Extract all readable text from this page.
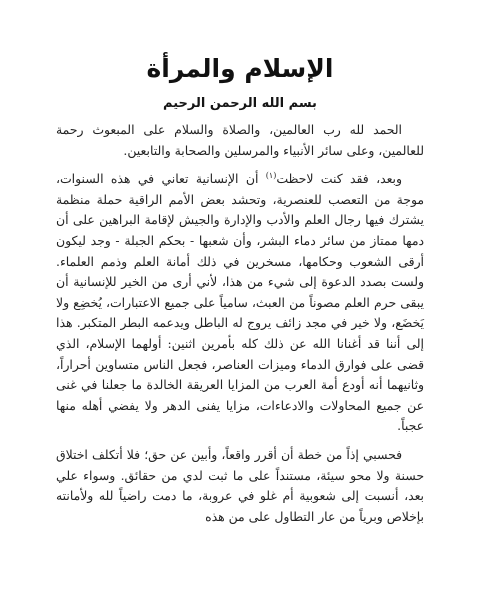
الإسلام والمرأة
بسم الله الرحمن الرحيم

الحمد لله رب العالمين، والصلاة والسلام على المبعوث رحمة للعالمين، وعلى سائر الأنبياء والمرسلين والصحابة والتابعين.

وبعد، فقد كنت لاحظت$^{(١)}$ أن الإنسانية تعاني في هذه السنوات، موجة من التعصب للعنصرية، وتحشد بعض الأمم الراقية حملة منظمة يشترك فيها رجال العلم والأدب والإدارة والجيش لإقامة البراهين على أن دمها ممتاز من سائر دماء البشر، وأن شعبها - بحكم الجبلة - وجد ليكون أرقى الشعوب وحكامها، مسخرين في ذلك أمانة العلم وذمم العلماء. ولست بصدد الدعوة إلى شيء من هذا، لأني أرى من الخير للإنسانية أن يبقى حرم العلم مصوناً من العبث، سامياً على جميع الاعتبارات، يُخضِع ولا يَخضَع، ولا خير في مجد زائف يروج له الباطل ويدعمه البطر المتكبر. هذا إلى أننا قد أغنانا الله عن ذلك كله بأمرين اثنين: أولهما الإسلام، الذي قضى على فوارق الدماء وميزات العناصر، فجعل الناس متساوين أحراراً، وثانيهما أنه أودع أمة العرب من المزايا العريقة الخالدة ما جعلنا في غنى عن جميع المحاولات والادعاءات، مزايا يفنى الدهر ولا يفضي أهله منها عجباً.

فحسبي إذاً من خطة أن أقرر واقعاً، وأبين عن حق؛ فلا أتكلف اختلاق حسنة ولا محو سيئة، مستنداً على ما ثبت لدي من حقائق. وسواء علي بعد، أنسبت إلى شعوبية أم غلو في عروبة، ما دمت راضياً لله ولأمانته بإخلاص وبرياً من عار التطاول على من هذه
